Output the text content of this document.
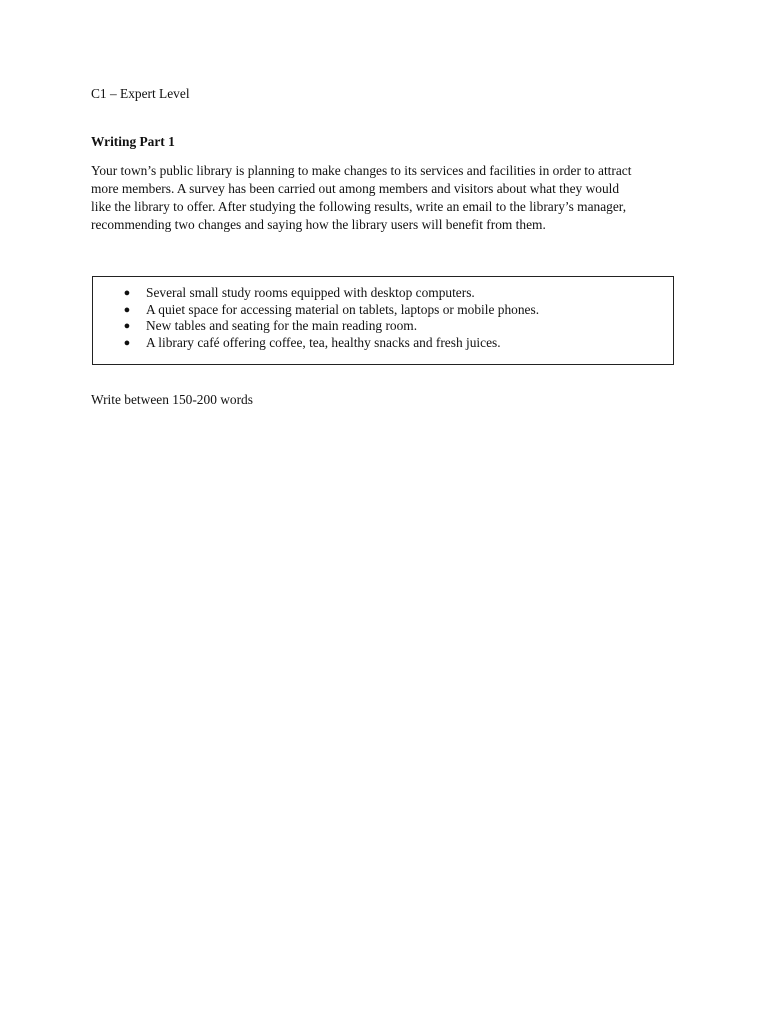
C1 – Expert Level
Writing Part 1

Your town’s public library is planning to make changes to its services and facilities in order to attract

more members. A survey has been carried out among members and visitors about what they would

like the library to offer. After studying the following results, write an email to the library’s manager,

recommending two changes and saying how the library users will benefit from them.

● Several small study rooms equipped with desktop computers.
● A quiet space for accessing material on tablets, laptops or mobile phones.
● New tables and seating for the main reading room.
● A library café offering coffee, tea, healthy snacks and fresh juices.
Write between 150-200 words
